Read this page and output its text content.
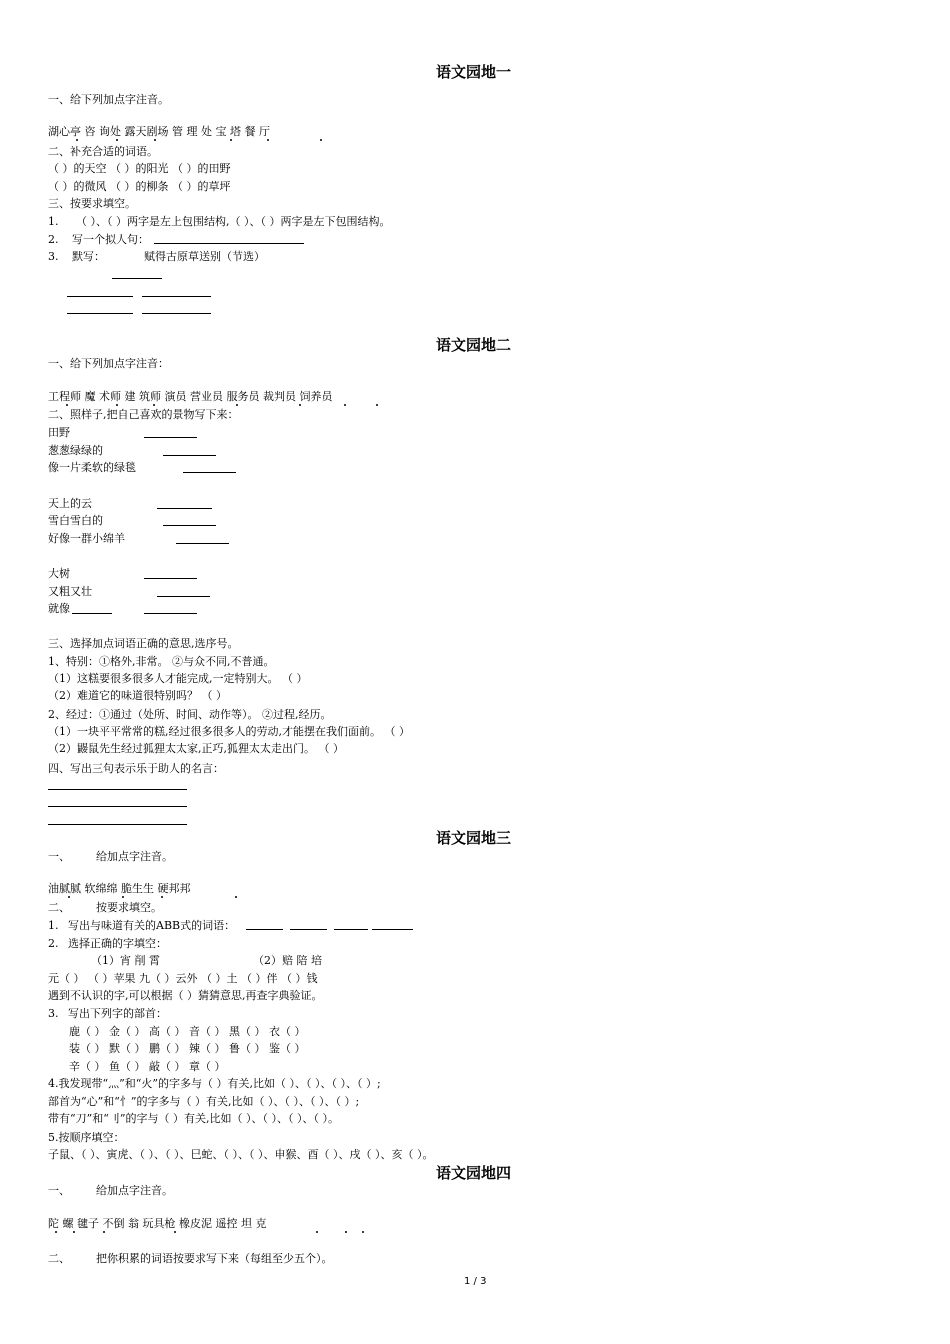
语文园地一
一、给下列加点字注音。
湖心亭 咨 询处 露天剧场 管 理 处 宝 塔 餐 厅
二、补充合适的词语。
（ ）的天空 （ ）的阳光 （ ）的田野
（ ）的微风 （ ）的柳条 （ ）的草坪
三、按要求填空。
1. （ ）、（ ）两字是左上包围结构,（ ）、（ ）两字是左下包围结构。
2. 写一个拟人句：
3. 默写：	赋得古原草送别（节选）
语文园地二
一、给下列加点字注音：
工程师 魔 术师 建 筑师 演员 营业员 服务员 裁判员 饲养员
二、照样子,把自己喜欢的景物写下来：
田野
葱葱绿绿的
像一片柔软的绿毯
天上的云
雪白雪白的
好像一群小绵羊
大树
又粗又壮
就像
三、选择加点词语正确的意思,选序号。
1、特别：①格外,非常。 ②与众不同,不普通。
（1）这糕要很多很多人才能完成,一定特别大。 （ ）
（2）难道它的味道很特别吗？ （ ）
2、经过：①通过（处所、时间、动作等）。 ②过程,经历。
（1）一块平平常常的糕,经过很多很多人的劳动,才能摆在我们面前。 （ ）
（2）鼹鼠先生经过狐狸太太家,正巧,狐狸太太走出门。 （ ）
四、写出三句表示乐于助人的名言：
语文园地三
一、 给加点字注音。
油腻腻 软绵绵 脆生生 硬邦邦
二、 按要求填空。
1. 写出与味道有关的ABB式的词语：
2. 选择正确的字填空：
（1）宵 削 霄	（2）赔 陪 培
元（ ） （ ）苹果 九（ ）云外 （ ）土 （ ）伴 （ ）钱
遇到不认识的字,可以根据（ ）猜猜意思,再查字典验证。
3. 写出下列字的部首：
鹿（ ） 金（ ） 高（ ） 音（ ） 黑（ ） 衣（ ）
装（ ） 默（ ） 鹏（ ） 辣（ ） 鲁（ ） 鉴（ ）
辛（ ） 鱼（ ） 敲（ ） 章（ ）
4.我发现带“灬”和“火”的字多与（ ）有关,比如（ ）、（ ）、（ ）、（ ）;
部首为“心”和“忄”的字多与（ ）有关,比如（ ）、（ ）、（ ）、（ ）;
带有“刀”和“刂”的字与（ ）有关,比如（ ）、（ ）、（ ）、（ ）。
5.按顺序填空：
子鼠、（ ）、寅虎、（ ）、（ ）、巳蛇、（ ）、（ ）、申猴、酉（ ）、戌（ ）、亥（ ）。
语文园地四
一、 给加点字注音。
陀 螺 毽子 不倒 翁 玩具枪 橡皮泥 遥控 坦 克
二、 把你积累的词语按要求写下来（每组至少五个）。
1 / 3
